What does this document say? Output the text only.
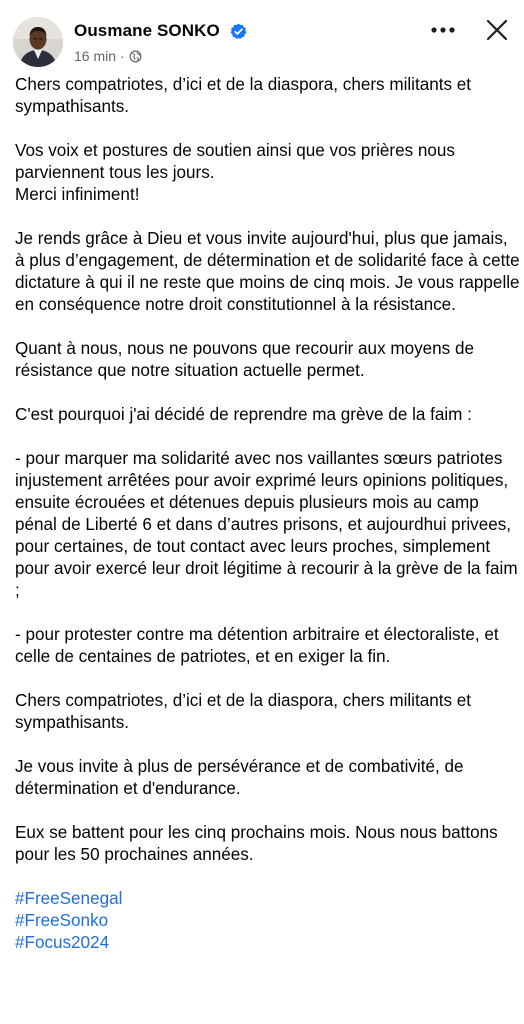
Ousmane SONKO
16 min ·

Chers compatriotes, d’ici et de la diaspora, chers militants et sympathisants.

Vos voix et postures de soutien ainsi que vos prières nous parviennent tous les jours.
Merci infiniment!

Je rends grâce à Dieu et vous invite aujourd'hui, plus que jamais, à plus d’engagement, de détermination et de solidarité face à cette dictature à qui il ne reste que moins de cinq mois. Je vous rappelle en conséquence notre droit constitutionnel à la résistance.

Quant à nous, nous ne pouvons que recourir aux moyens de résistance que notre situation actuelle permet.

C'est pourquoi j'ai décidé de reprendre ma grève de la faim :

- pour marquer ma solidarité avec nos vaillantes sœurs patriotes injustement arrêtées pour avoir exprimé leurs opinions politiques, ensuite écrouées et détenues depuis plusieurs mois au camp pénal de Liberté 6 et dans d’autres prisons, et aujourdhui privees, pour certaines, de tout contact avec leurs proches, simplement pour avoir exercé leur droit légitime à recourir à la grève de la faim ;

- pour protester contre ma détention arbitraire et électoraliste, et celle de centaines de patriotes, et en exiger la fin.

Chers compatriotes, d’ici et de la diaspora, chers militants et sympathisants.

Je vous invite à plus de persévérance et de combativité, de détermination et d'endurance.

Eux se battent pour les cinq prochains mois. Nous nous battons pour les 50 prochaines années.

#FreeSenegal
#FreeSonko
#Focus2024
